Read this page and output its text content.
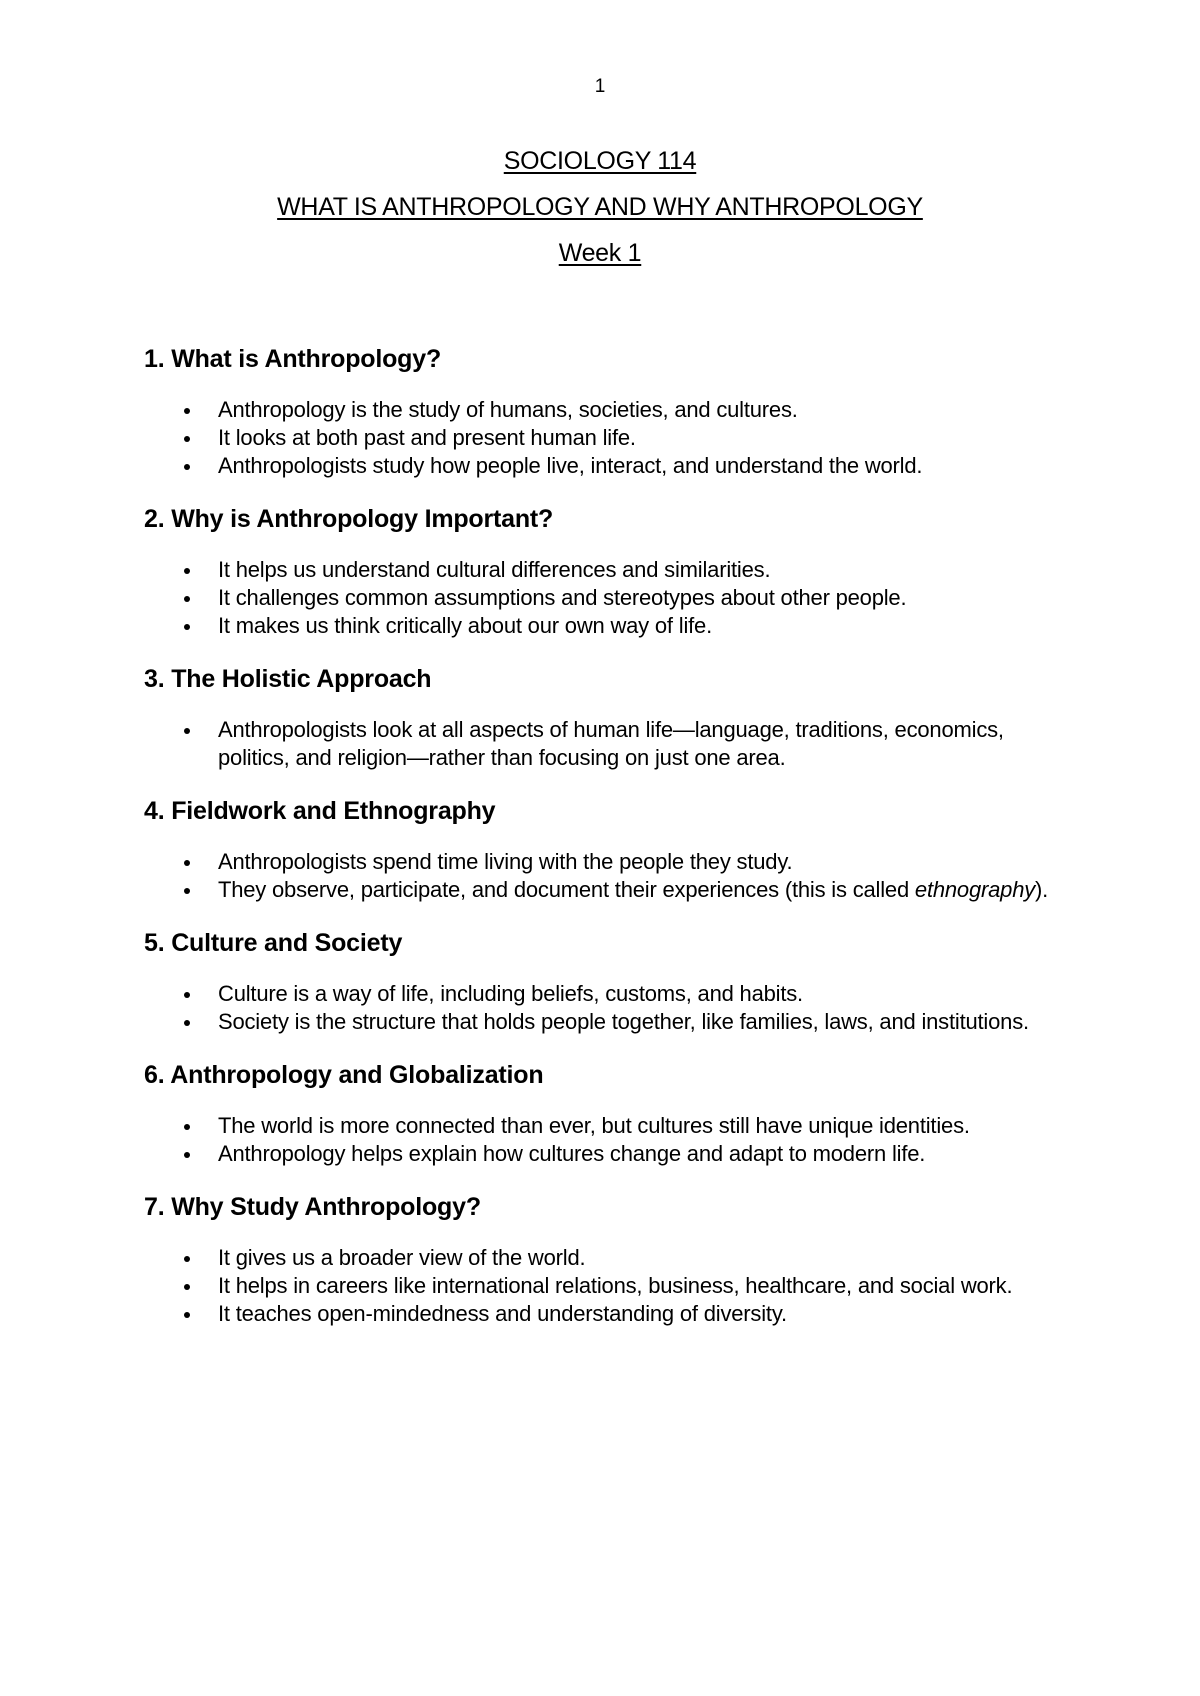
1
SOCIOLOGY 114
WHAT IS ANTHROPOLOGY AND WHY ANTHROPOLOGY
Week 1
1. What is Anthropology?
Anthropology is the study of humans, societies, and cultures.
It looks at both past and present human life.
Anthropologists study how people live, interact, and understand the world.
2. Why is Anthropology Important?
It helps us understand cultural differences and similarities.
It challenges common assumptions and stereotypes about other people.
It makes us think critically about our own way of life.
3. The Holistic Approach
Anthropologists look at all aspects of human life—language, traditions, economics, politics, and religion—rather than focusing on just one area.
4. Fieldwork and Ethnography
Anthropologists spend time living with the people they study.
They observe, participate, and document their experiences (this is called ethnography).
5. Culture and Society
Culture is a way of life, including beliefs, customs, and habits.
Society is the structure that holds people together, like families, laws, and institutions.
6. Anthropology and Globalization
The world is more connected than ever, but cultures still have unique identities.
Anthropology helps explain how cultures change and adapt to modern life.
7. Why Study Anthropology?
It gives us a broader view of the world.
It helps in careers like international relations, business, healthcare, and social work.
It teaches open-mindedness and understanding of diversity.
